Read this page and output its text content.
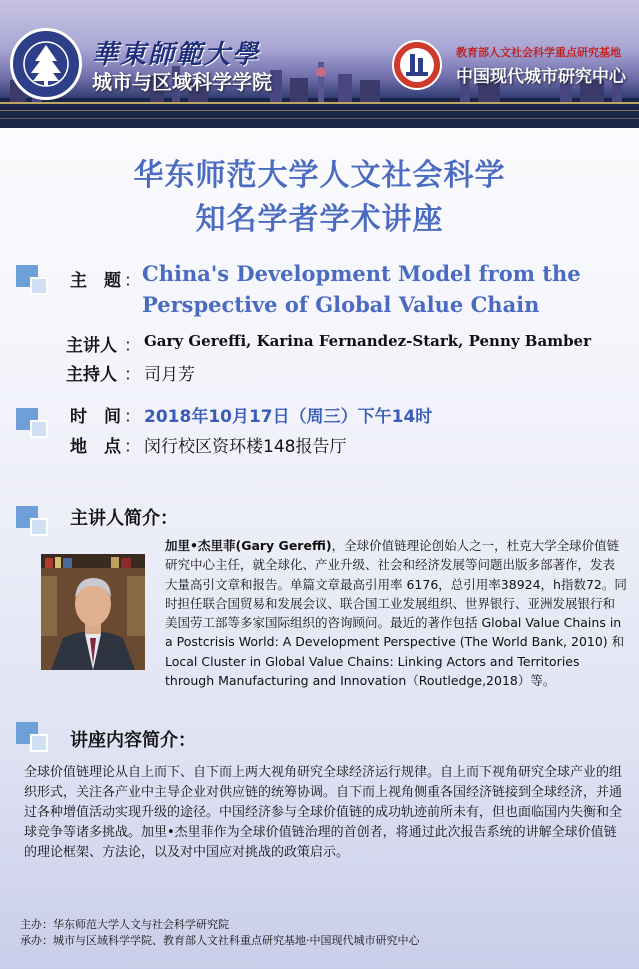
華東師範大學
城市与区域科学学院
教育部人文社会科学重点研究基地
中国现代城市研究中心
华东师范大学人文社会科学
知名学者学术讲座
主　题 ： China's Development Model from the
Perspective of Global Value Chain
主讲人 ： Gary Gereffi, Karina Fernandez-Stark, Penny Bamber
主持人 ： 司月芳
时　间 ： 2018年10月17日（周三）下午14时
地　点 ： 闵行校区资环楼148报告厅
主讲人简介：
加里•杰里菲(Gary Gereffi)，全球价值链理论创始人之一，杜克大学全球价值链研究中心主任，就全球化、产业升级、社会和经济发展等问题出版多部著作，发表大量高引文章和报告。单篇文章最高引用率 6176，总引用率38924，h指数72。同时担任联合国贸易和发展会议、联合国工业发展组织、世界银行、亚洲发展银行和美国劳工部等多家国际组织的咨询顾问。最近的著作包括 Global Value Chains in a Postcrisis World: A Development Perspective (The World Bank, 2010) 和 Local Cluster in Global Value Chains: Linking Actors and Territories through Manufacturing and Innovation（Routledge,2018）等。
讲座内容简介：
全球价值链理论从自上而下、自下而上两大视角研究全球经济运行规律。自上而下视角研究全球产业的组织形式，关注各产业中主导企业对供应链的统筹协调。自下而上视角侧重各国经济链接到全球经济，并通过各种增值活动实现升级的途径。中国经济参与全球价值链的成功轨迹前所未有，但也面临国内失衡和全球竞争等诸多挑战。加里•杰里菲作为全球价值链治理的首创者，将通过此次报告系统的讲解全球价值链的理论框架、方法论，以及对中国应对挑战的政策启示。
主办：华东师范大学人文与社会科学研究院
承办：城市与区域科学学院、教育部人文社科重点研究基地·中国现代城市研究中心
